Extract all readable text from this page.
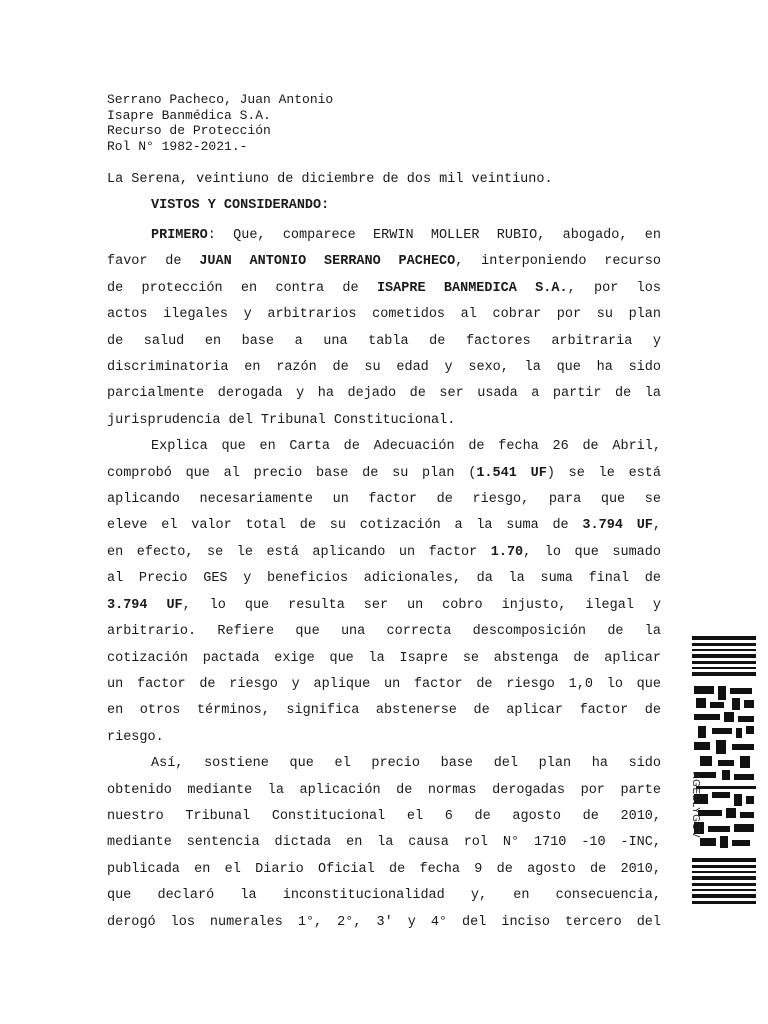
Serrano Pacheco, Juan Antonio
Isapre Banmédica S.A.
Recurso de Protección
Rol N° 1982-2021.-
La Serena, veintiuno de diciembre de dos mil veintiuno.
VISTOS Y CONSIDERANDO:
PRIMERO: Que, comparece ERWIN MOLLER RUBIO, abogado, en
favor de JUAN ANTONIO SERRANO PACHECO, interponiendo recurso
de protección en contra de ISAPRE BANMEDICA S.A., por los
actos ilegales y arbitrarios cometidos al cobrar por su plan
de salud en base a una tabla de factores arbitraria y
discriminatoria en razón de su edad y sexo, la que ha sido
parcialmente derogada y ha dejado de ser usada a partir de la
jurisprudencia del Tribunal Constitucional.
Explica que en Carta de Adecuación de fecha 26 de Abril,
comprobó que al precio base de su plan (1.541 UF) se le está
aplicando necesariamente un factor de riesgo, para que se
eleve el valor total de su cotización a la suma de 3.794 UF,
en efecto, se le está aplicando un factor 1.70, lo que sumado
al Precio GES y beneficios adicionales, da la suma final de
3.794 UF, lo que resulta ser un cobro injusto, ilegal y
arbitrario. Refiere que una correcta descomposición de la
cotización pactada exige que la Isapre se abstenga de aplicar
un factor de riesgo y aplique un factor de riesgo 1,0 lo que
en otros términos, significa abstenerse de aplicar factor de
riesgo.
Así, sostiene que el precio base del plan ha sido
obtenido mediante la aplicación de normas derogadas por parte
nuestro Tribunal Constitucional el 6 de agosto de 2010,
mediante sentencia dictada en la causa rol N° 1710 -10 -INC,
publicada en el Diario Oficial de fecha 9 de agosto de 2010,
que declaró la inconstitucionalidad y, en consecuencia,
derogó los numerales 1°, 2°, 3' y 4° del inciso tercero del
XGEBLYGGV
